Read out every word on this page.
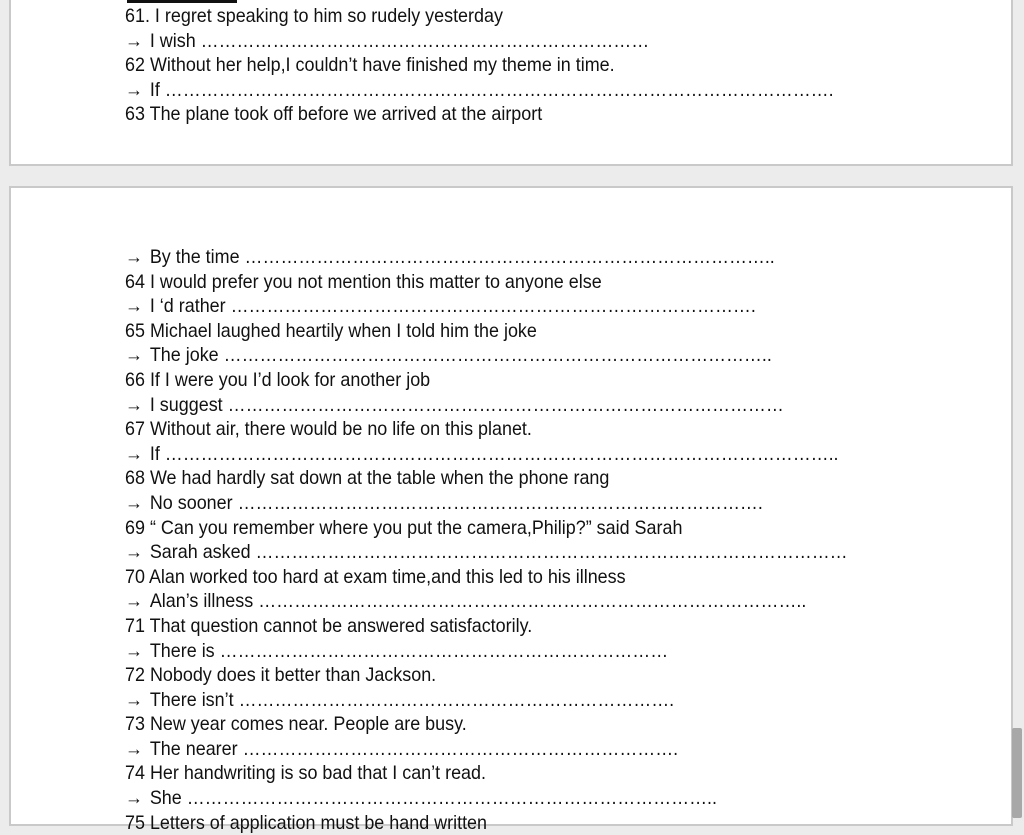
61. I regret speaking to him so rudely yesterday
→ I wish …………………………………………………………………
62 Without her help,I couldn’t have finished my theme in time.
→ If ………………………………………………………………………………………………….
63 The plane took off before we arrived at the airport
→ By the time ……………………………………………………………………………..
64 I would prefer you not mention this matter to anyone else
→ I ‘d rather …………………………………………………………………………….
65 Michael laughed heartily when I told him the joke
→ The joke ………………………………………………………………………………..
66 If I were you I’d look for another job
→ I suggest …………………………………………………………………………………
67 Without air, there would be no life on this planet.
→ If …………………………………………………………………………………………………..
68 We had hardly sat down at the table when the phone rang
→ No sooner …………………………………………………………………………….
69 “ Can you remember where you put the camera,Philip?” said Sarah
→ Sarah asked ………………………………………………………………………………………
70 Alan worked too hard at exam time,and this led to his illness
→ Alan’s illness ………………………………………………………………………………..
71 That question cannot be answered satisfactorily.
→ There is …………………………………………………………………
72 Nobody does it better than Jackson.
→ There isn’t ……………………………………………………………….
73 New year comes near. People are busy.
→ The nearer ……………………………………………………………….
74 Her handwriting is so bad that I can’t read.
→ She ……………………………………………………………………………..
75 Letters of application must be hand written
